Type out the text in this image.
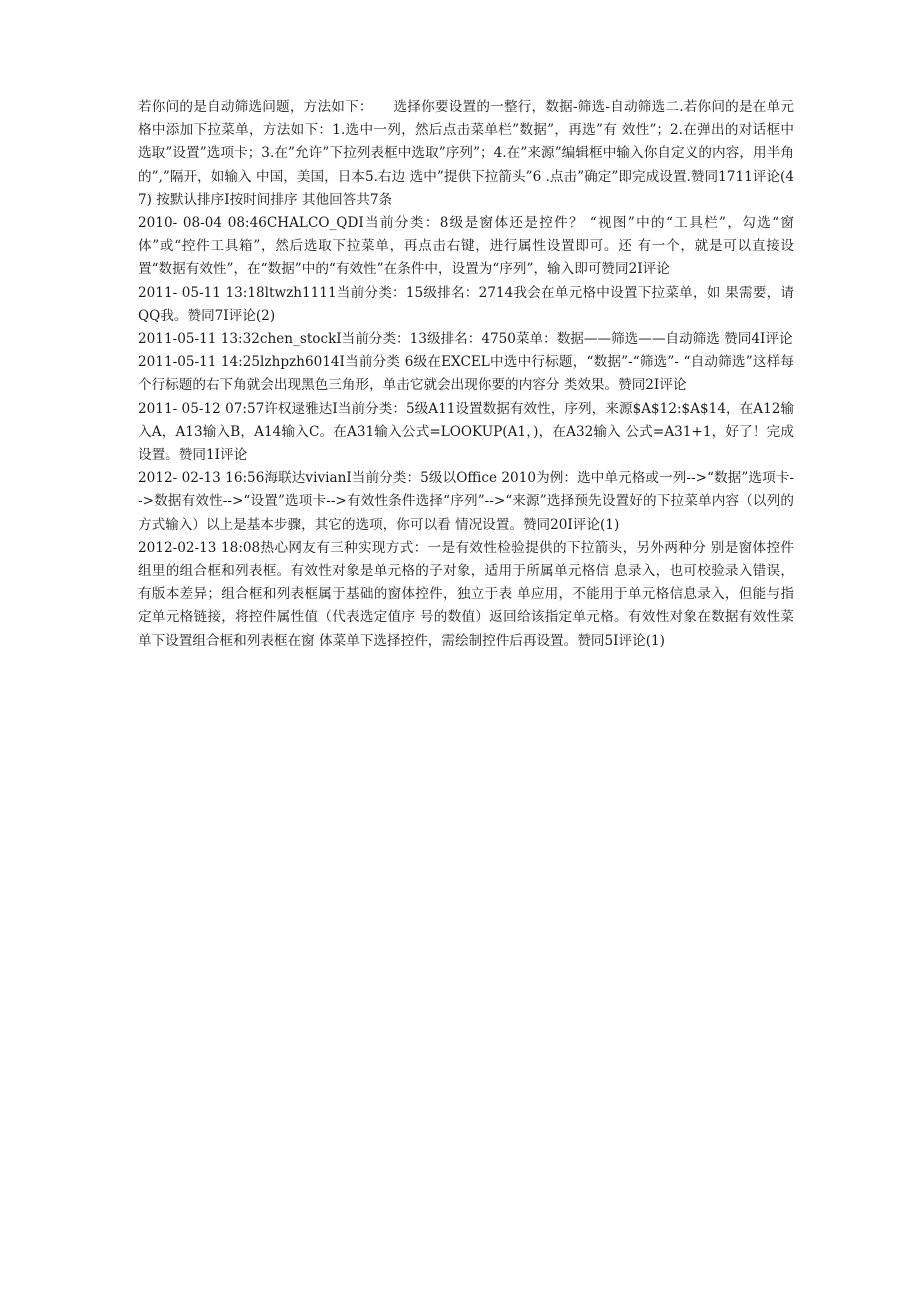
若你问的是自动筛选问题，方法如下：　　选择你要设置的一整行，数据-筛选-自动筛选二.若你问的是在单元格中添加下拉菜单，方法如下：1.选中一列，然后点击菜单栏”数据”，再选”有 效性”；2.在弹出的对话框中选取”设置”选项卡；3.在”允许”下拉列表框中选取”序列”；4.在”来源”编辑框中输入你自定义的内容，用半角的”,”隔开，如输入 中国，美国，日本5.右边 选中”提供下拉箭头”6 .点击”确定”即完成设置.赞同1711评论(47) 按默认排序I按时间排序 其他回答共7条

2010- 08-04 08:46CHALCO_QDI当前分类：8级是窗体还是控件？ “视图”中的“工具栏”，勾选“窗体”或“控件工具箱”，然后选取下拉菜单，再点击右键，进行属性设置即可。还 有一个，就是可以直接设置“数据有效性”，在“数据”中的“有效性”在条件中，设置为“序列”，输入即可赞同2I评论

2011- 05-11 13:18ltwzh1111当前分类：15级排名：2714我会在单元格中设置下拉菜单，如 果需要，请QQ我。赞同7I评论(2)

2011-05-11 13:32chen_stockI当前分类：13级排名：4750菜单：数据——筛选——自动筛选 赞同4I评论

2011-05-11 14:25lzhpzh6014I当前分类 6级在EXCEL中选中行标题，“数据”-“筛选”- “自动筛选”这样每个行标题的右下角就会出现黑色三角形，单击它就会出现你要的内容分 类效果。赞同2I评论

2011- 05-12 07:57许权逯雅达I当前分类：5级A11设置数据有效性，序列，来源$A$12:$A$14，在A12输入A，A13输入B，A14输入C。在A31输入公式=LOOKUP(A1，)，在A32输入 公式=A31+1，好了！完成设置。赞同1I评论

2012- 02-13 16:56海联达vivianI当前分类：5级以Office 2010为例：选中单元格或一列-->“数据”选项卡-->数据有效性-->“设置”选项卡-->有效性条件选择“序列”-->“来源”选择预先设置好的下拉菜单内容（以列的方式输入）以上是基本步骤，其它的选项，你可以看 情况设置。赞同20I评论(1)

2012-02-13 18:08热心网友有三种实现方式：一是有效性检验提供的下拉箭头，另外两种分 别是窗体控件组里的组合框和列表框。有效性对象是单元格的子对象，适用于所属单元格信 息录入，也可校验录入错误，有版本差异；组合框和列表框属于基础的窗体控件，独立于表 单应用，不能用于单元格信息录入，但能与指定单元格链接，将控件属性值（代表选定值序 号的数值）返回给该指定单元格。有效性对象在数据有效性菜单下设置组合框和列表框在窗 体菜单下选择控件，需绘制控件后再设置。赞同5I评论(1)
